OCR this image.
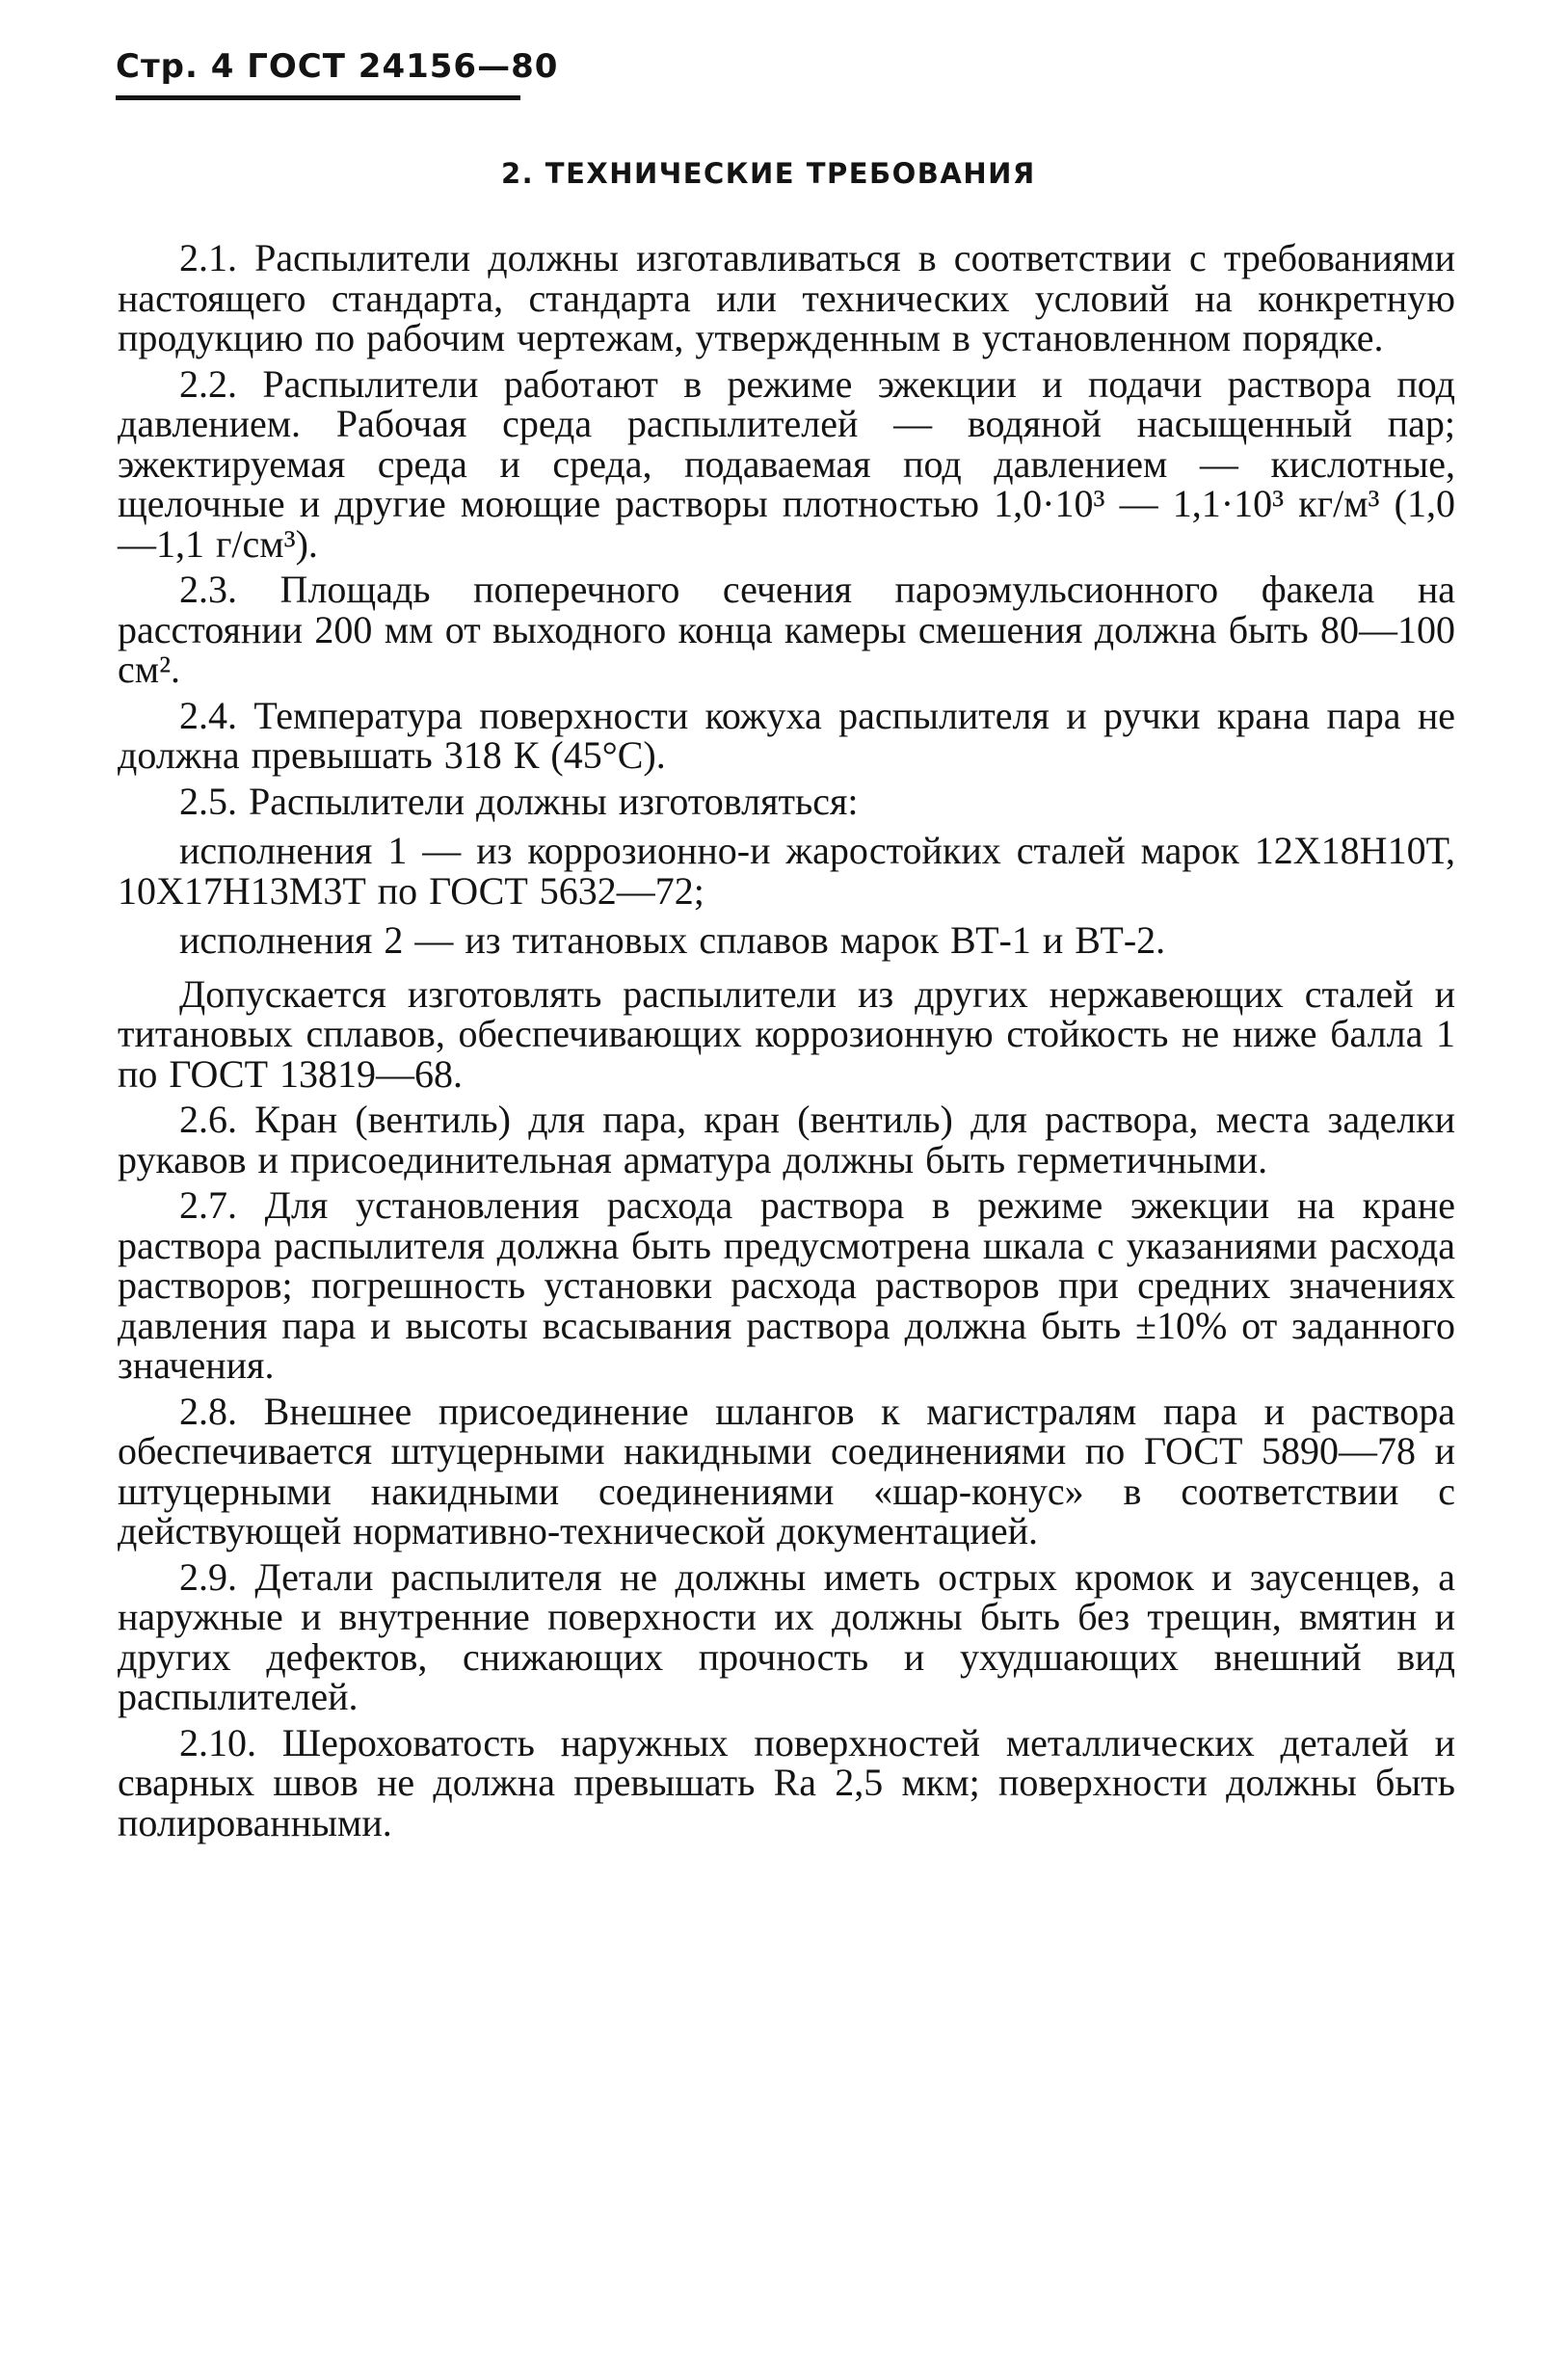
Стр. 4 ГОСТ 24156—80
2. ТЕХНИЧЕСКИЕ ТРЕБОВАНИЯ

2.1. Распылители должны изготавливаться в соответствии с требованиями настоящего стандарта, стандарта или технических условий на конкретную продукцию по рабочим чертежам, утвержденным в установленном порядке.

2.2. Распылители работают в режиме эжекции и подачи раствора под давлением. Рабочая среда распылителей — водяной насыщенный пар; эжектируемая среда и среда, подаваемая под давлением — кислотные, щелочные и другие моющие растворы плотностью 1,0·10³ — 1,1·10³ кг/м³ (1,0—1,1 г/см³).

2.3. Площадь поперечного сечения пароэмульсионного факела на расстоянии 200 мм от выходного конца камеры смешения должна быть 80—100 см².

2.4. Температура поверхности кожуха распылителя и ручки крана пара не должна превышать 318 К (45°С).

2.5. Распылители должны изготовляться:

исполнения 1 — из коррозионно-и жаростойких сталей марок 12Х18Н10Т, 10Х17Н13М3Т по ГОСТ 5632—72;

исполнения 2 — из титановых сплавов марок ВТ-1 и ВТ-2.

Допускается изготовлять распылители из других нержавеющих сталей и титановых сплавов, обеспечивающих коррозионную стойкость не ниже балла 1 по ГОСТ 13819—68.

2.6. Кран (вентиль) для пара, кран (вентиль) для раствора, места заделки рукавов и присоединительная арматура должны быть герметичными.

2.7. Для установления расхода раствора в режиме эжекции на кране раствора распылителя должна быть предусмотрена шкала с указаниями расхода растворов; погрешность установки расхода растворов при средних значениях давления пара и высоты всасывания раствора должна быть ±10% от заданного значения.

2.8. Внешнее присоединение шлангов к магистралям пара и раствора обеспечивается штуцерными накидными соединениями по ГОСТ 5890—78 и штуцерными накидными соединениями «шар-конус» в соответствии с действующей нормативно-технической документацией.

2.9. Детали распылителя не должны иметь острых кромок и заусенцев, а наружные и внутренние поверхности их должны быть без трещин, вмятин и других дефектов, снижающих прочность и ухудшающих внешний вид распылителей.

2.10. Шероховатость наружных поверхностей металлических деталей и сварных швов не должна превышать Ra 2,5 мкм; поверхности должны быть полированными.
